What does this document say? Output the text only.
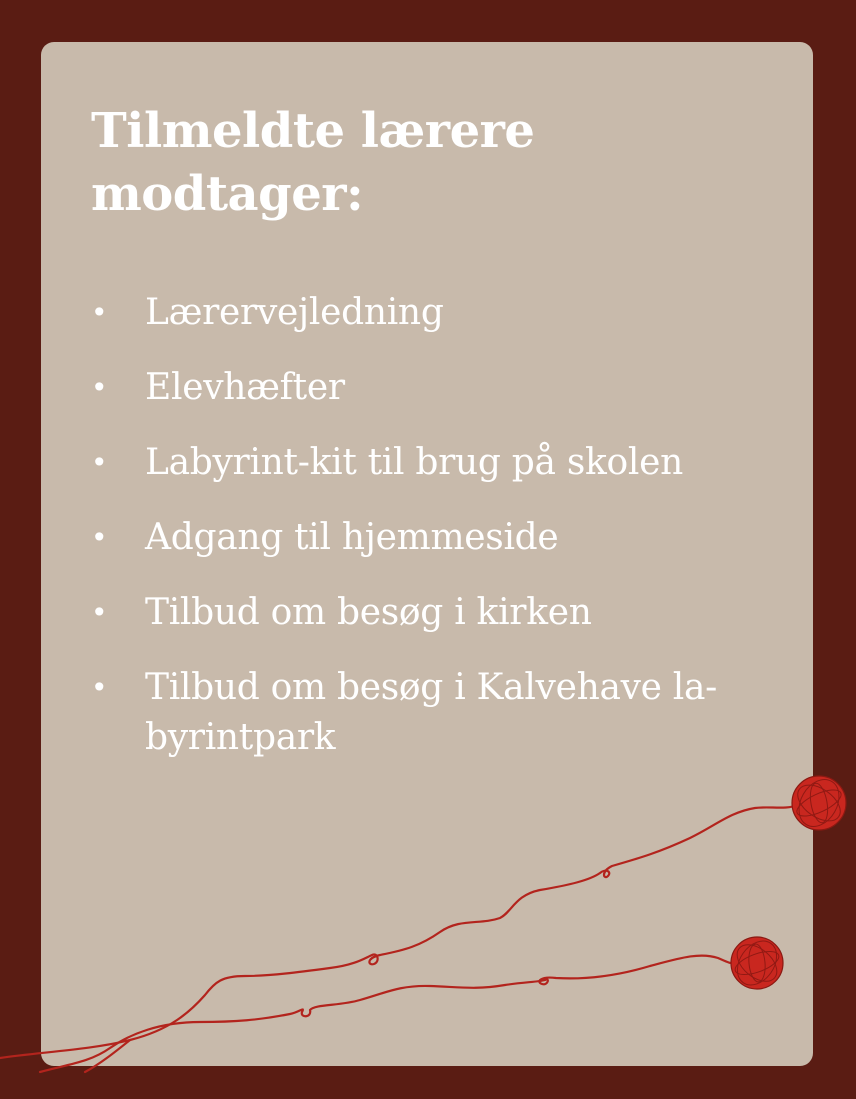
Tilmeldte lærere
modtager:
• Lærervejledning
• Elevhæfter
• Labyrint-kit til brug på skolen
• Adgang til hjemmeside
• Tilbud om besøg i kirken
• Tilbud om besøg i Kalvehave la-
byrintpark
